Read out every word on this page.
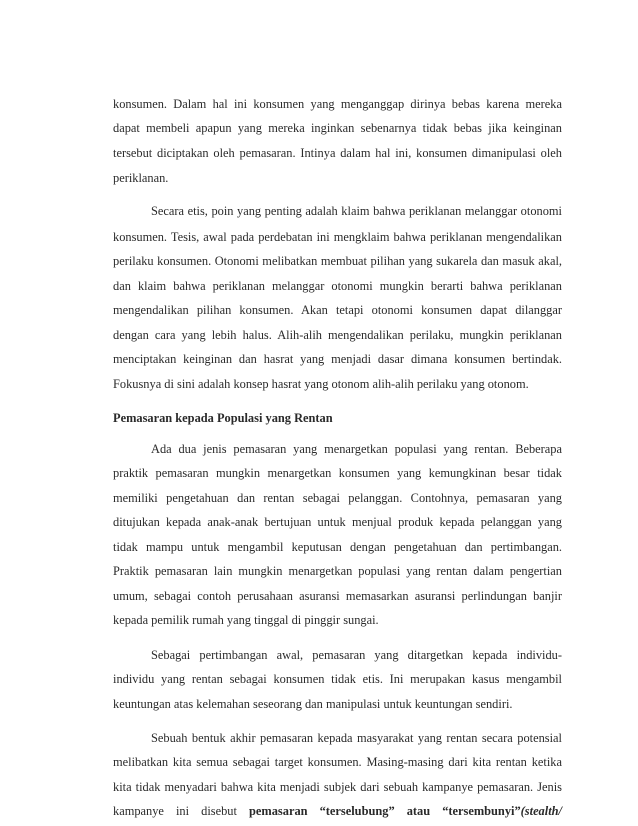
konsumen. Dalam hal ini konsumen yang menganggap dirinya bebas karena mereka
dapat membeli apapun yang mereka inginkan sebenarnya tidak bebas jika keinginan
tersebut diciptakan oleh pemasaran. Intinya dalam hal ini, konsumen dimanipulasi oleh
periklanan.
Secara etis, poin yang penting adalah klaim bahwa periklanan melanggar otonomi
konsumen. Tesis, awal pada perdebatan ini mengklaim bahwa periklanan mengendalikan
perilaku konsumen. Otonomi melibatkan membuat pilihan yang sukarela dan masuk akal,
dan klaim bahwa periklanan melanggar otonomi mungkin berarti bahwa periklanan
mengendalikan pilihan konsumen. Akan tetapi otonomi konsumen dapat dilanggar
dengan cara yang lebih halus. Alih-alih mengendalikan perilaku, mungkin periklanan
menciptakan keinginan dan hasrat yang menjadi dasar dimana konsumen bertindak.
Fokusnya di sini adalah konsep hasrat yang otonom alih-alih perilaku yang otonom.
Pemasaran kepada Populasi yang Rentan
Ada dua jenis pemasaran yang menargetkan populasi yang rentan. Beberapa
praktik pemasaran mungkin menargetkan konsumen yang kemungkinan besar tidak
memiliki pengetahuan dan rentan sebagai pelanggan. Contohnya, pemasaran yang
ditujukan kepada anak-anak bertujuan untuk menjual produk kepada pelanggan yang
tidak mampu untuk mengambil keputusan dengan pengetahuan dan pertimbangan.
Praktik pemasaran lain mungkin menargetkan populasi yang rentan dalam pengertian
umum, sebagai contoh perusahaan asuransi memasarkan asuransi perlindungan banjir
kepada pemilik rumah yang tinggal di pinggir sungai.
Sebagai pertimbangan awal, pemasaran yang ditargetkan kepada individu-
individu yang rentan sebagai konsumen tidak etis. Ini merupakan kasus mengambil
keuntungan atas kelemahan seseorang dan manipulasi untuk keuntungan sendiri.
Sebuah bentuk akhir pemasaran kepada masyarakat yang rentan secara potensial
melibatkan kita semua sebagai target konsumen. Masing-masing dari kita rentan ketika
kita tidak menyadari bahwa kita menjadi subjek dari sebuah kampanye pemasaran. Jenis
kampanye ini disebut pemasaran “terselubung” atau “tersembunyi”(stealth/
